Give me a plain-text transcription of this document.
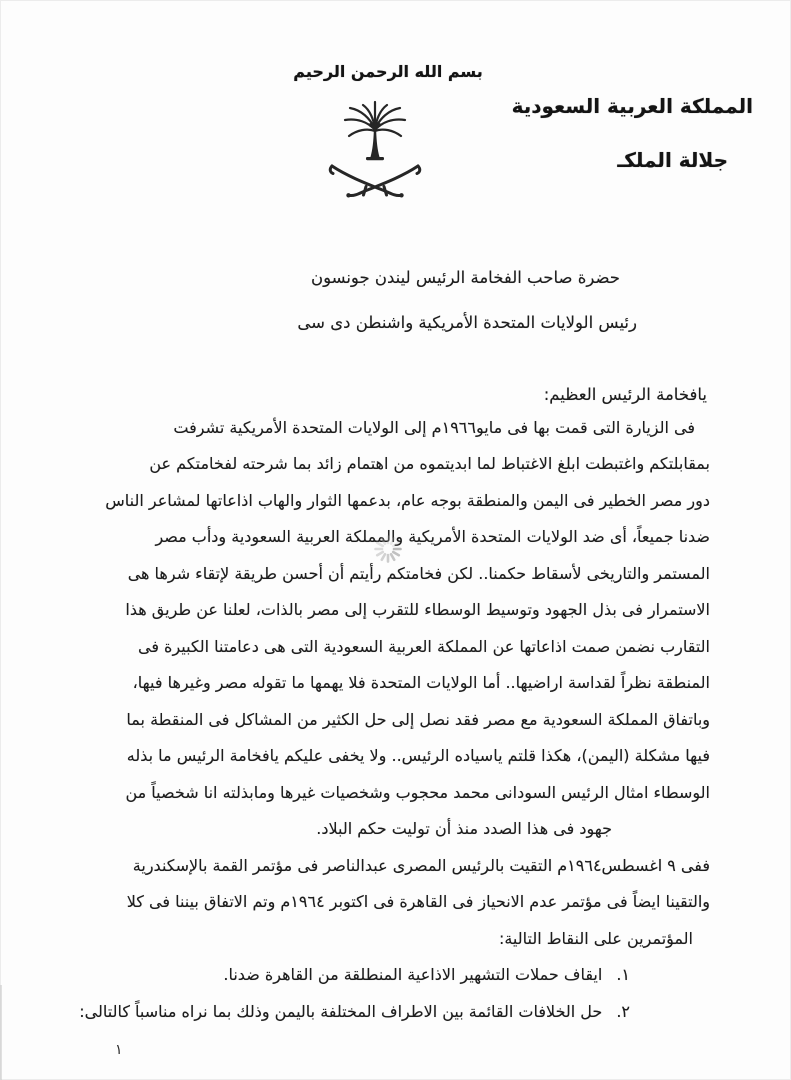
بسم الله الرحمن الرحيم
المملكة العربية السعودية
جلالة الملكـ
حضرة صاحب الفخامة الرئيس ليندن جونسون
رئيس الولايات المتحدة الأمريكية واشنطن دى سى
يافخامة الرئيس العظيم:
فى الزيارة التى قمت بها فى مايو١٩٦٦م إلى الولايات المتحدة الأمريكية تشرفت
بمقابلتكم واغتبطت ابلغ الاغتباط لما ابديتموه من اهتمام زائد بما شرحته لفخامتكم عن
دور مصر الخطير فى اليمن والمنطقة بوجه عام، بدعمها الثوار والهاب اذاعاتها لمشاعر الناس
ضدنا جميعاً، أى ضد الولايات المتحدة الأمريكية والمملكة العربية السعودية ودأب مصر
المستمر والتاريخى لأسقاط حكمنا.. لكن فخامتكم رأيتم أن أحسن طريقة لإتقاء شرها هى
الاستمرار فى بذل الجهود وتوسيط الوسطاء للتقرب إلى مصر بالذات، لعلنا عن طريق هذا
التقارب نضمن صمت اذاعاتها عن المملكة العربية السعودية التى هى دعامتنا الكبيرة فى
المنطقة نظراً لقداسة اراضيها.. أما الولايات المتحدة فلا يهمها ما تقوله مصر وغيرها فيها،
وباتفاق المملكة السعودية مع مصر فقد نصل إلى حل الكثير من المشاكل فى المنقطة بما
فيها مشكلة (اليمن)، هكذا قلتم ياسياده الرئيس.. ولا يخفى عليكم يافخامة الرئيس ما بذله
الوسطاء امثال الرئيس السودانى محمد محجوب وشخصيات غيرها ومابذلته انا شخصياً من
جهود فى هذا الصدد منذ أن توليت حكم البلاد.
ففى ٩ اغسطس١٩٦٤م التقيت بالرئيس المصرى عبدالناصر فى مؤتمر القمة بالإسكندرية
والتقينا ايضاً فى مؤتمر عدم الانحياز فى القاهرة فى اكتوبر ١٩٦٤م وتم الاتفاق بيننا فى كلا
المؤتمرين على النقاط التالية:
١.ايقاف حملات التشهير الاذاعية المنطلقة من القاهرة ضدنا.
٢.حل الخلافات القائمة بين الاطراف المختلفة باليمن وذلك بما نراه مناسباً كالتالى:
١
